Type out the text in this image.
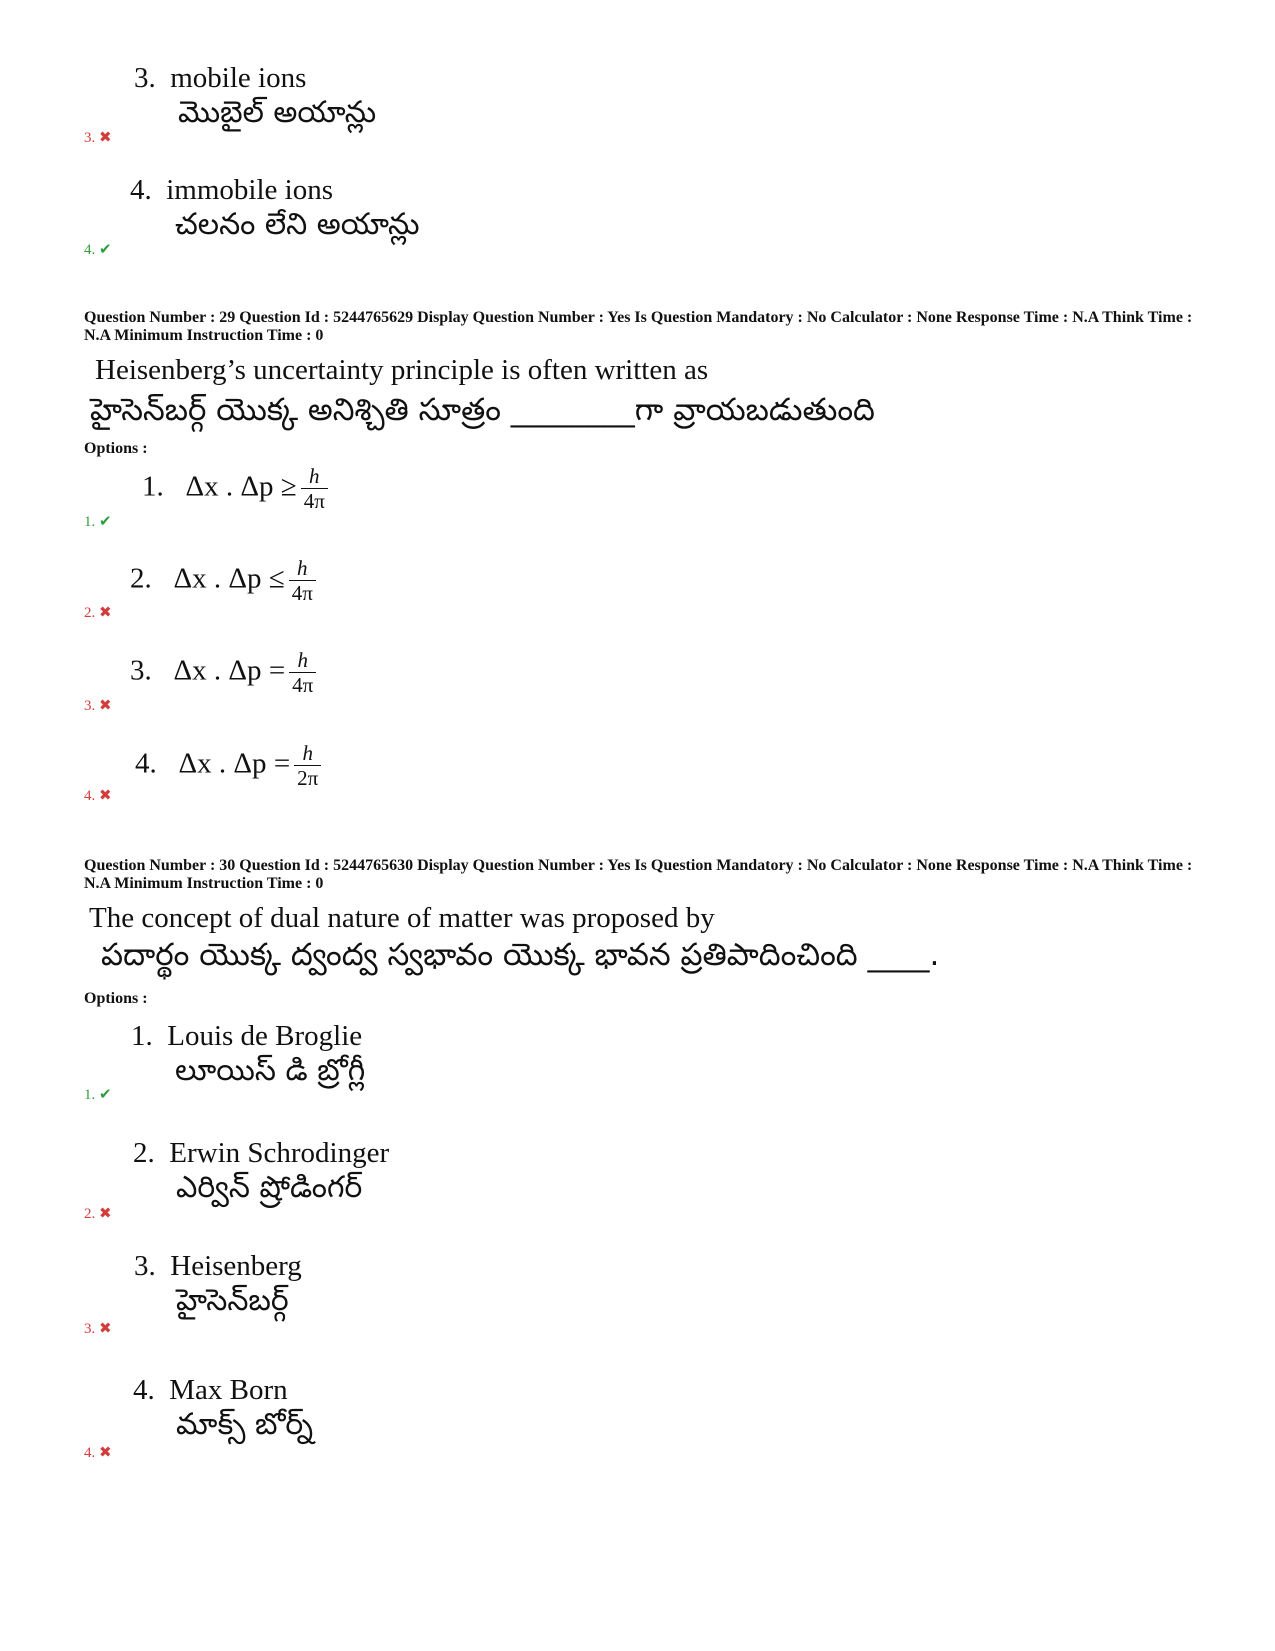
3. mobile ions
మొబైల్ అయాన్లు
3. ✖
4. immobile ions
చలనం లేని అయాన్లు
4. ✔
Question Number : 29 Question Id : 5244765629 Display Question Number : Yes Is Question Mandatory : No Calculator : None Response Time : N.A Think Time : N.A Minimum Instruction Time : 0
Heisenberg’s uncertainty principle is often written as
హైసెన్‌బర్గ్ యొక్క అనిశ్చితి సూత్రం ________గా వ్రాయబడుతుంది
Options :
1. Δx . $\Delta p \ge \frac{h}{4\pi}$
1. ✔
2. Δx . $\Delta p \le \frac{h}{4\pi}$
2. ✖
3. Δx . $\Delta p = \frac{h}{4\pi}$
3. ✖
4. Δx . $\Delta p = \frac{h}{2\pi}$
4. ✖
Question Number : 30 Question Id : 5244765630 Display Question Number : Yes Is Question Mandatory : No Calculator : None Response Time : N.A Think Time : N.A Minimum Instruction Time : 0
The concept of dual nature of matter was proposed by
పదార్థం యొక్క ద్వంద్వ స్వభావం యొక్క భావన ప్రతిపాదించింది ____.
Options :
1. Louis de Broglie
లూయిస్ డి బ్రోగ్లీ
1. ✔
2. Erwin Schrodinger
ఎర్విన్ ష్రోడింగర్
2. ✖
3. Heisenberg
హైసెన్‌బర్గ్
3. ✖
4. Max Born
మాక్స్ బోర్న్
4. ✖
